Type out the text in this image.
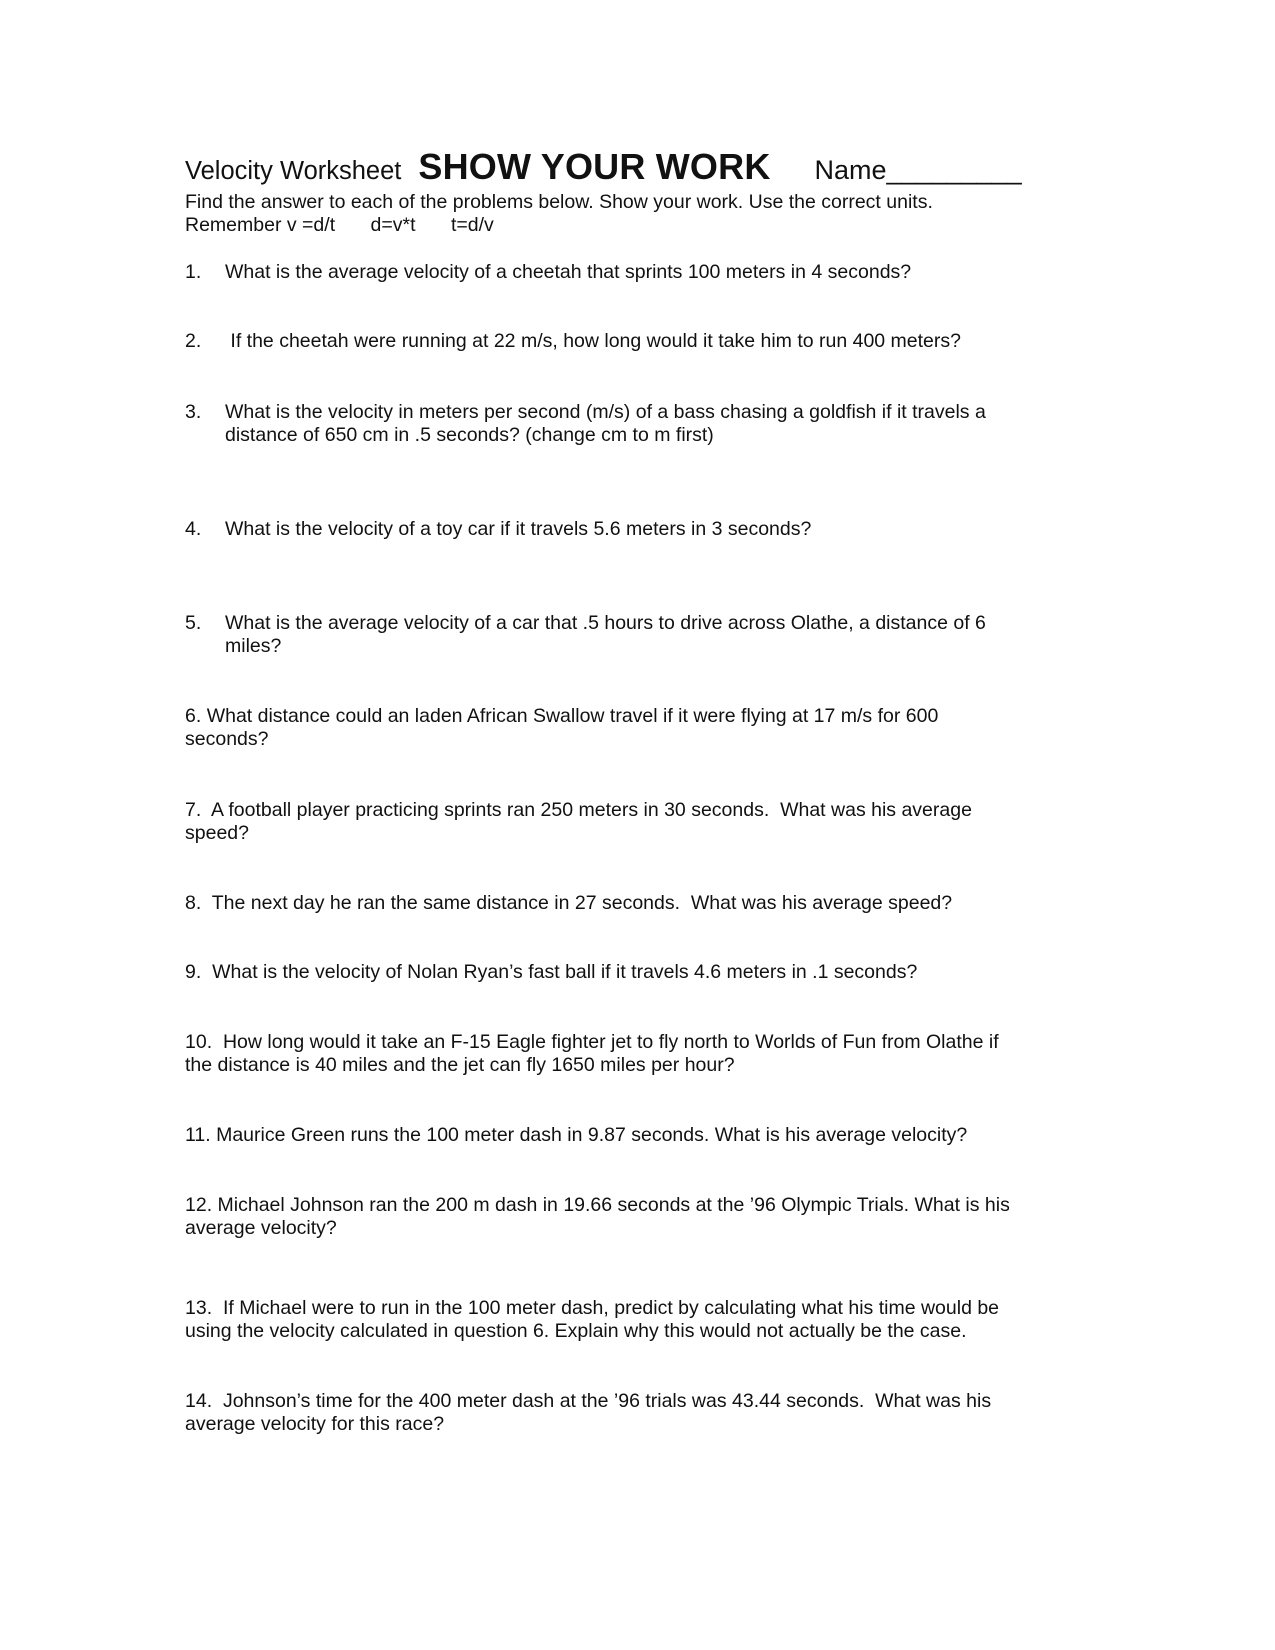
Velocity Worksheet SHOW YOUR WORK Name_________
Find the answer to each of the problems below. Show your work. Use the correct units.
Remember v =d/t d=v*t t=d/v
1. What is the average velocity of a cheetah that sprints 100 meters in 4 seconds?
2. If the cheetah were running at 22 m/s, how long would it take him to run 400 meters?
3. What is the velocity in meters per second (m/s) of a bass chasing a goldfish if it travels a
distance of 650 cm in .5 seconds? (change cm to m first)
4. What is the velocity of a toy car if it travels 5.6 meters in 3 seconds?
5. What is the average velocity of a car that .5 hours to drive across Olathe, a distance of 6
miles?
6. What distance could an laden African Swallow travel if it were flying at 17 m/s for 600
seconds?
7.  A football player practicing sprints ran 250 meters in 30 seconds.  What was his average
speed?
8.  The next day he ran the same distance in 27 seconds.  What was his average speed?
9.  What is the velocity of Nolan Ryan’s fast ball if it travels 4.6 meters in .1 seconds?
10.  How long would it take an F-15 Eagle fighter jet to fly north to Worlds of Fun from Olathe if
the distance is 40 miles and the jet can fly 1650 miles per hour?
11. Maurice Green runs the 100 meter dash in 9.87 seconds. What is his average velocity?
12. Michael Johnson ran the 200 m dash in 19.66 seconds at the ’96 Olympic Trials. What is his
average velocity?
13.  If Michael were to run in the 100 meter dash, predict by calculating what his time would be
using the velocity calculated in question 6. Explain why this would not actually be the case.
14.  Johnson’s time for the 400 meter dash at the ’96 trials was 43.44 seconds.  What was his
average velocity for this race?
